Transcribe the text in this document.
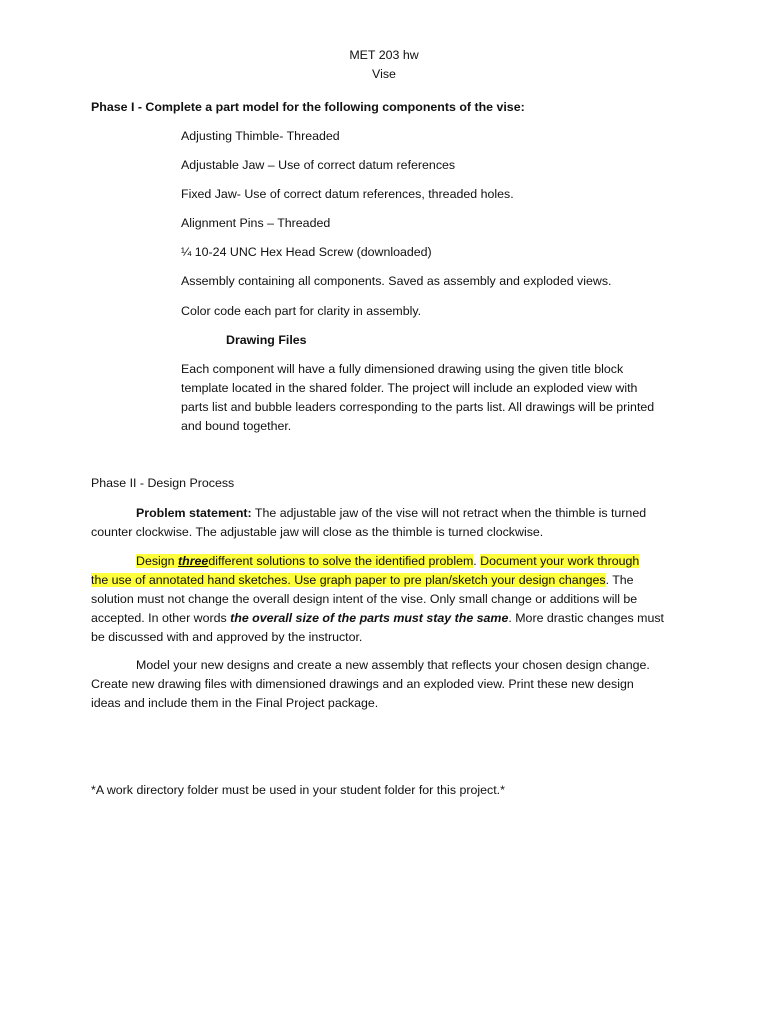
MET 203 hw
Vise
Phase I - Complete a part model for the following components of the vise:
Adjusting Thimble- Threaded
Adjustable Jaw – Use of correct datum references
Fixed Jaw- Use of correct datum references, threaded holes.
Alignment Pins – Threaded
¼ 10-24 UNC Hex Head Screw (downloaded)
Assembly containing all components. Saved as assembly and exploded views.
Color code each part for clarity in assembly.
Drawing Files
Each component will have a fully dimensioned drawing using the given title block
template located in the shared folder. The project will include an exploded view with
parts list and bubble leaders corresponding to the parts list. All drawings will be printed
and bound together.
Phase II - Design Process
Problem statement: The adjustable jaw of the vise will not retract when the thimble is turned
counter clockwise. The adjustable jaw will close as the thimble is turned clockwise.
Design threedifferent solutions to solve the identified problem. Document your work through
the use of annotated hand sketches. Use graph paper to pre plan/sketch your design changes. The
solution must not change the overall design intent of the vise. Only small change or additions will be
accepted. In other words the overall size of the parts must stay the same. More drastic changes must
be discussed with and approved by the instructor.
Model your new designs and create a new assembly that reflects your chosen design change.
Create new drawing files with dimensioned drawings and an exploded view. Print these new design
ideas and include them in the Final Project package.
*A work directory folder must be used in your student folder for this project.*
